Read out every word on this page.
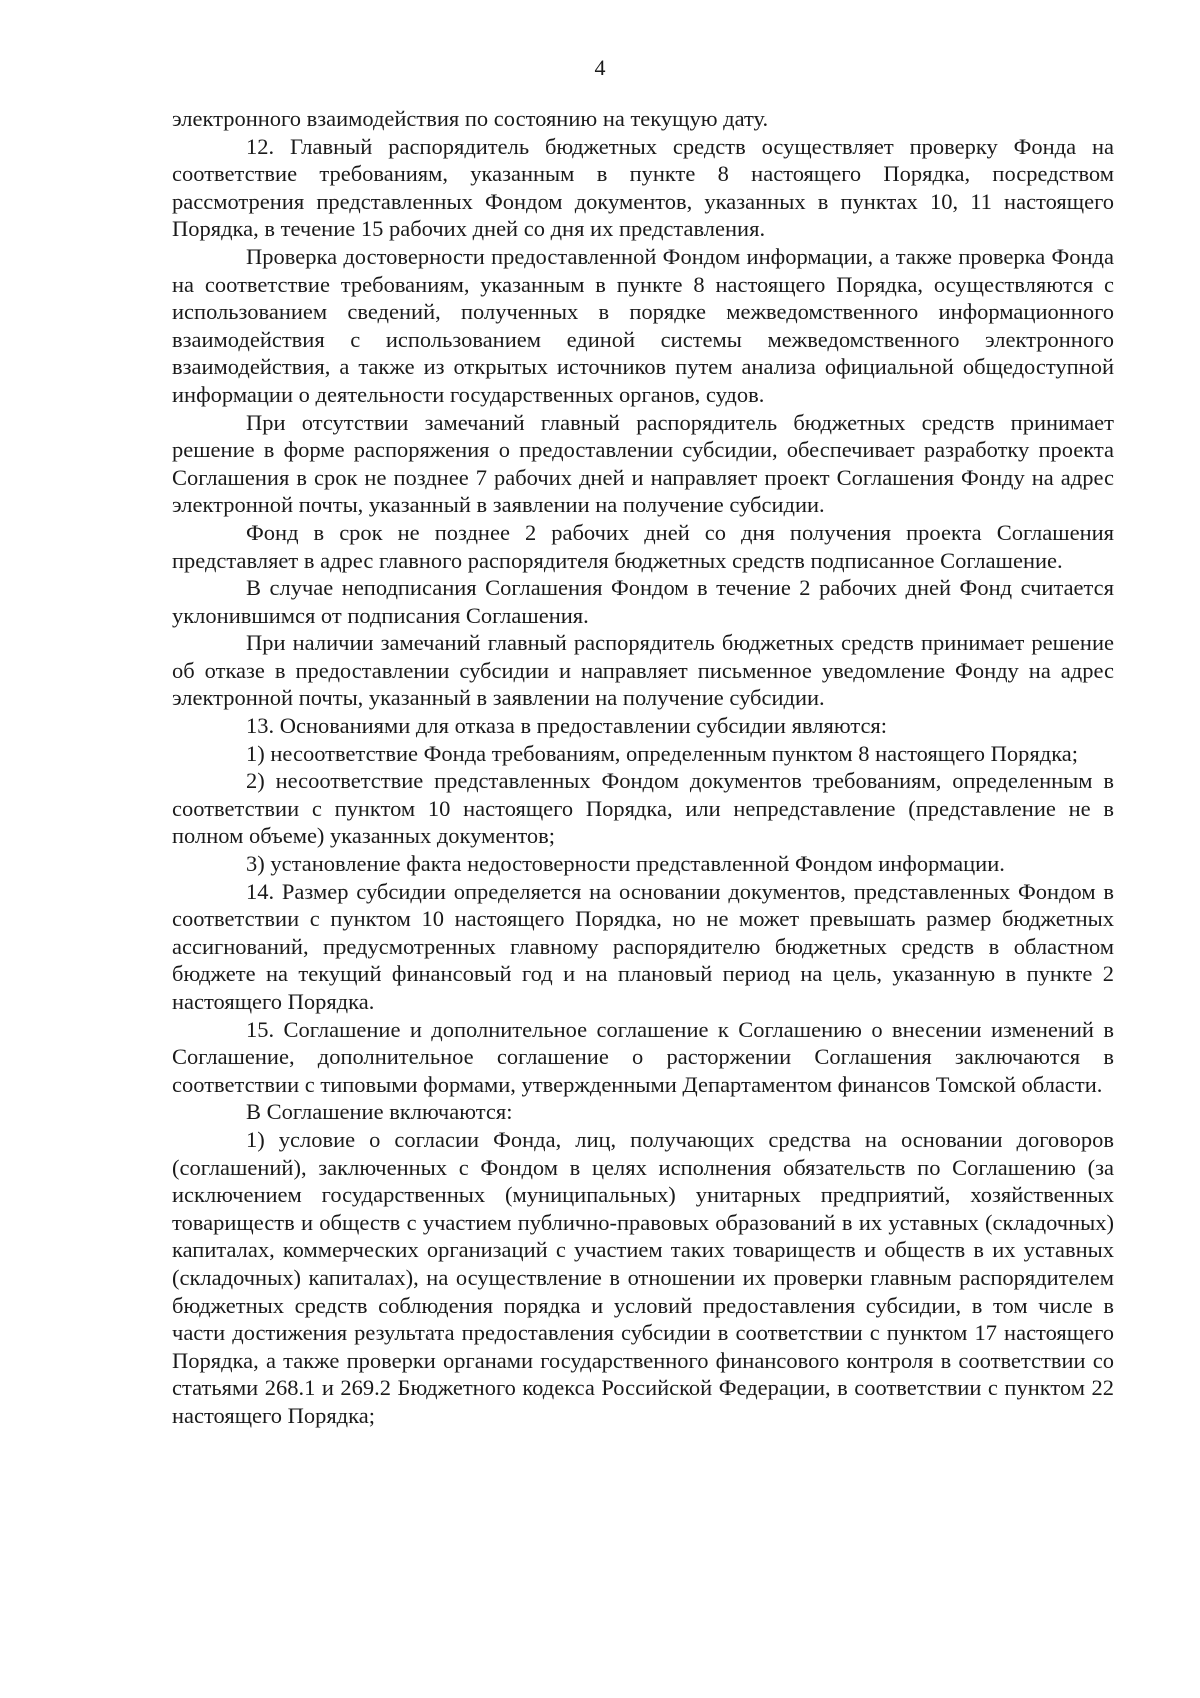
4

электронного взаимодействия по состоянию на текущую дату.

12. Главный распорядитель бюджетных средств осуществляет проверку Фонда на соответствие требованиям, указанным в пункте 8 настоящего Порядка, посредством рассмотрения представленных Фондом документов, указанных в пунктах 10, 11 настоящего Порядка, в течение 15 рабочих дней со дня их представления.

Проверка достоверности предоставленной Фондом информации, а также проверка Фонда на соответствие требованиям, указанным в пункте 8 настоящего Порядка, осуществляются с использованием сведений, полученных в порядке межведомственного информационного взаимодействия с использованием единой системы межведомственного электронного взаимодействия, а также из открытых источников путем анализа официальной общедоступной информации о деятельности государственных органов, судов.

При отсутствии замечаний главный распорядитель бюджетных средств принимает решение в форме распоряжения о предоставлении субсидии, обеспечивает разработку проекта Соглашения в срок не позднее 7 рабочих дней и направляет проект Соглашения Фонду на адрес электронной почты, указанный в заявлении на получение субсидии.

Фонд в срок не позднее 2 рабочих дней со дня получения проекта Соглашения представляет в адрес главного распорядителя бюджетных средств подписанное Соглашение.

В случае неподписания Соглашения Фондом в течение 2 рабочих дней Фонд считается уклонившимся от подписания Соглашения.

При наличии замечаний главный распорядитель бюджетных средств принимает решение об отказе в предоставлении субсидии и направляет письменное уведомление Фонду на адрес электронной почты, указанный в заявлении на получение субсидии.

13. Основаниями для отказа в предоставлении субсидии являются:

1) несоответствие Фонда требованиям, определенным пунктом 8 настоящего Порядка;

2) несоответствие представленных Фондом документов требованиям, определенным в соответствии с пунктом 10 настоящего Порядка, или непредставление (представление не в полном объеме) указанных документов;

3) установление факта недостоверности представленной Фондом информации.

14. Размер субсидии определяется на основании документов, представленных Фондом в соответствии с пунктом 10 настоящего Порядка, но не может превышать размер бюджетных ассигнований, предусмотренных главному распорядителю бюджетных средств в областном бюджете на текущий финансовый год и на плановый период на цель, указанную в пункте 2 настоящего Порядка.

15. Соглашение и дополнительное соглашение к Соглашению о внесении изменений в Соглашение, дополнительное соглашение о расторжении Соглашения заключаются в соответствии с типовыми формами, утвержденными Департаментом финансов Томской области.

В Соглашение включаются:

1) условие о согласии Фонда, лиц, получающих средства на основании договоров (соглашений), заключенных с Фондом в целях исполнения обязательств по Соглашению (за исключением государственных (муниципальных) унитарных предприятий, хозяйственных товариществ и обществ с участием публично-правовых образований в их уставных (складочных) капиталах, коммерческих организаций с участием таких товариществ и обществ в их уставных (складочных) капиталах), на осуществление в отношении их проверки главным распорядителем бюджетных средств соблюдения порядка и условий предоставления субсидии, в том числе в части достижения результата предоставления субсидии в соответствии с пунктом 17 настоящего Порядка, а также проверки органами государственного финансового контроля в соответствии со статьями 268.1 и 269.2 Бюджетного кодекса Российской Федерации, в соответствии с пунктом 22 настоящего Порядка;
